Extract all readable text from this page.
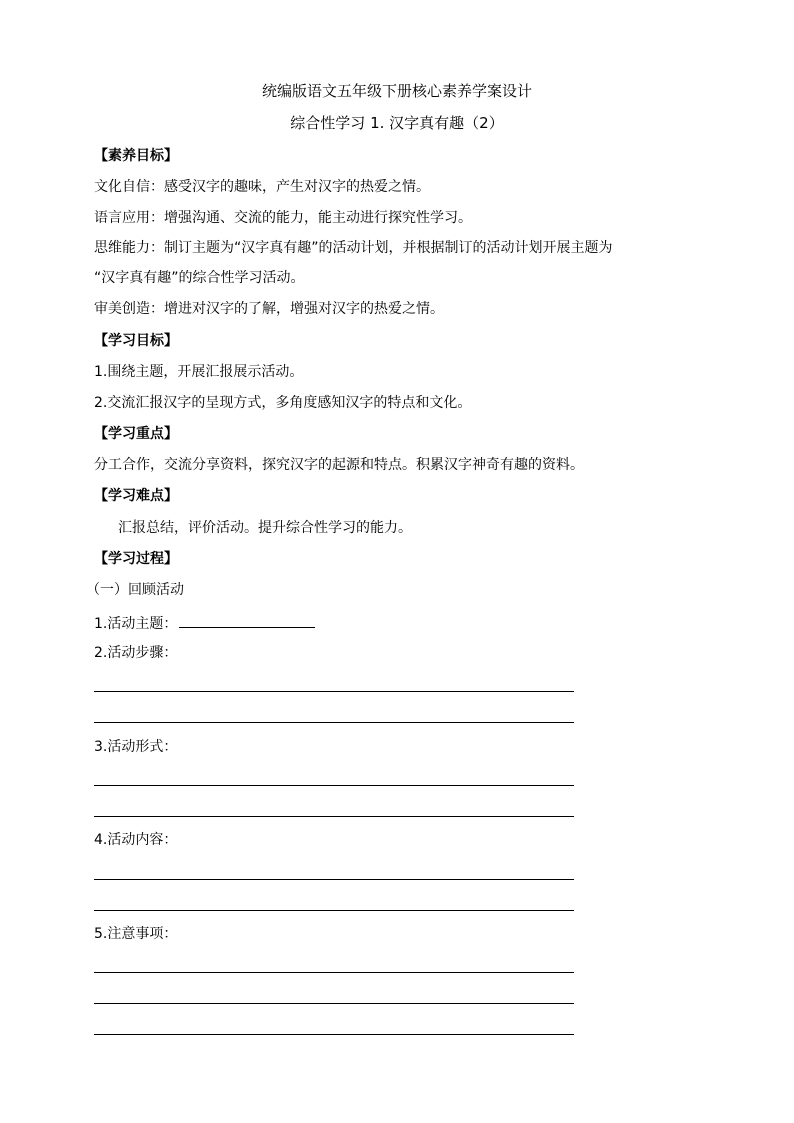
统编版语文五年级下册核心素养学案设计
综合性学习 1. 汉字真有趣（2）
【素养目标】
文化自信：感受汉字的趣味，产生对汉字的热爱之情。
语言应用：增强沟通、交流的能力，能主动进行探究性学习。
思维能力：制订主题为“汉字真有趣”的活动计划，并根据制订的活动计划开展主题为
“汉字真有趣”的综合性学习活动。
审美创造：增进对汉字的了解，增强对汉字的热爱之情。
【学习目标】
1.围绕主题，开展汇报展示活动。
2.交流汇报汉字的呈现方式，多角度感知汉字的特点和文化。
【学习重点】
分工合作，交流分享资料，探究汉字的起源和特点。积累汉字神奇有趣的资料。
【学习难点】
汇报总结，评价活动。提升综合性学习的能力。
【学习过程】
（一）回顾活动
1.活动主题：
2.活动步骤：
3.活动形式：
4.活动内容：
5.注意事项：
